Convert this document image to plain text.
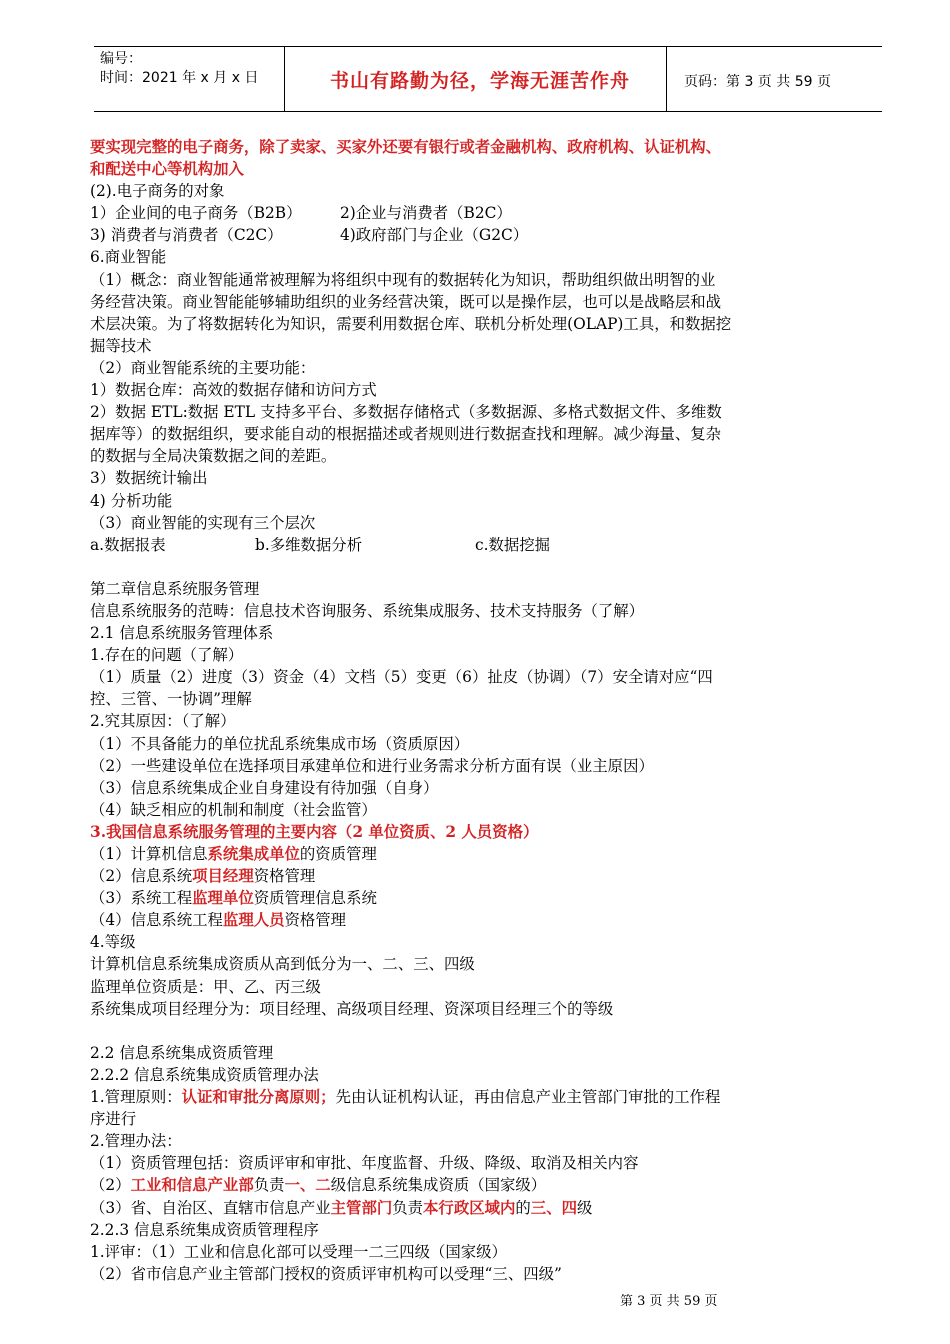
编号：
时间：2021 年 x 月 x 日	书山有路勤为径，学海无涯苦作舟	页码：第 3 页 共 59 页
要实现完整的电子商务，除了卖家、买家外还要有银行或者金融机构、政府机构、认证机构、
和配送中心等机构加入
(2).电子商务的对象
1）企业间的电子商务（B2B） 2)企业与消费者（B2C）
3) 消费者与消费者（C2C）	4)政府部门与企业（G2C）
6.商业智能
（1）概念：商业智能通常被理解为将组织中现有的数据转化为知识，帮助组织做出明智的业
务经营决策。商业智能能够辅助组织的业务经营决策，既可以是操作层，也可以是战略层和战
术层决策。为了将数据转化为知识，需要利用数据仓库、联机分析处理(OLAP)工具，和数据挖
掘等技术
（2）商业智能系统的主要功能：
1）数据仓库：高效的数据存储和访问方式
2）数据 ETL:数据 ETL 支持多平台、多数据存储格式（多数据源、多格式数据文件、多维数
据库等）的数据组织，要求能自动的根据描述或者规则进行数据查找和理解。减少海量、复杂
的数据与全局决策数据之间的差距。
3）数据统计输出
4) 分析功能
（3）商业智能的实现有三个层次
a.数据报表	b.多维数据分析	c.数据挖掘
第二章信息系统服务管理
信息系统服务的范畴：信息技术咨询服务、系统集成服务、技术支持服务（了解）
2.1 信息系统服务管理体系
1.存在的问题（了解）
（1）质量（2）进度（3）资金（4）文档（5）变更（6）扯皮（协调）（7）安全请对应“四
控、三管、一协调”理解
2.究其原因：（了解）
（1）不具备能力的单位扰乱系统集成市场（资质原因）
（2）一些建设单位在选择项目承建单位和进行业务需求分析方面有误（业主原因）
（3）信息系统集成企业自身建设有待加强（自身）
（4）缺乏相应的机制和制度（社会监管）
3.我国信息系统服务管理的主要内容（2 单位资质、2 人员资格）
（1）计算机信息系统集成单位的资质管理
（2）信息系统项目经理资格管理
（3）系统工程监理单位资质管理信息系统
（4）信息系统工程监理人员资格管理
4.等级
计算机信息系统集成资质从高到低分为一、二、三、四级
监理单位资质是：甲、乙、丙三级
系统集成项目经理分为：项目经理、高级项目经理、资深项目经理三个的等级
2.2 信息系统集成资质管理
2.2.2 信息系统集成资质管理办法
1.管理原则：认证和审批分离原则；先由认证机构认证，再由信息产业主管部门审批的工作程
序进行
2.管理办法：
（1）资质管理包括：资质评审和审批、年度监督、升级、降级、取消及相关内容
（2）工业和信息产业部负责一、二级信息系统集成资质（国家级）
（3）省、自治区、直辖市信息产业主管部门负责本行政区域内的三、四级
2.2.3 信息系统集成资质管理程序
1.评审：（1）工业和信息化部可以受理一二三四级（国家级）
（2）省市信息产业主管部门授权的资质评审机构可以受理“三、四级”
第 3 页 共 59 页
